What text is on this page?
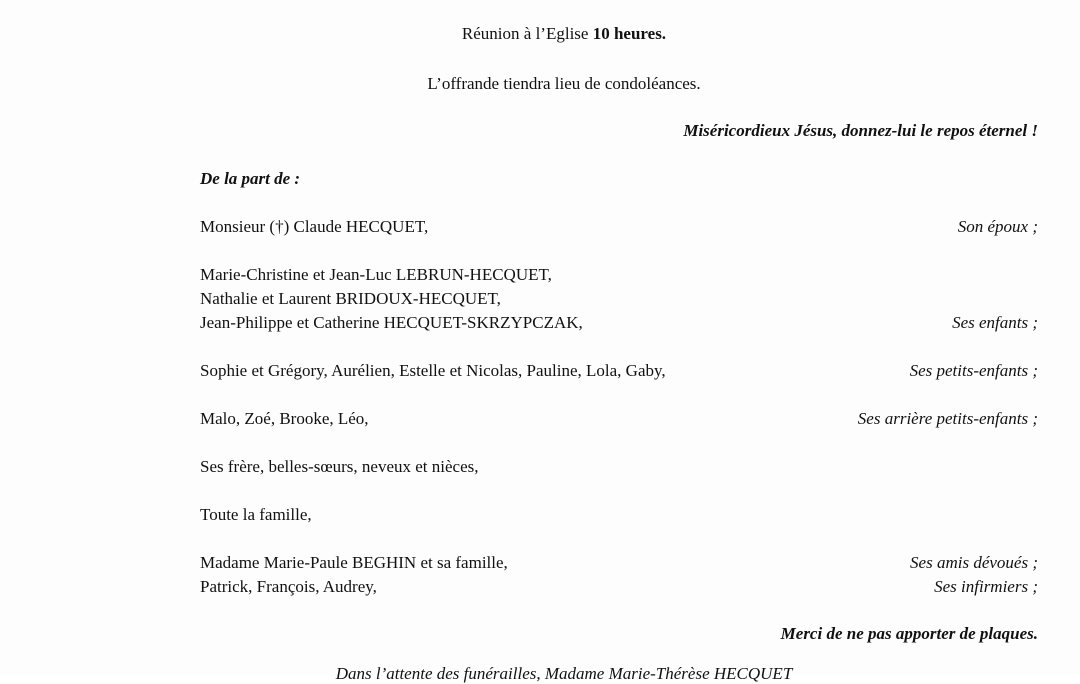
Réunion à l’Eglise 10 heures.
L’offrande tiendra lieu de condoléances.
Miséricordieux Jésus, donnez-lui le repos éternel !
De la part de :
Monsieur (†) Claude HECQUET,	Son époux ;
Marie-Christine et Jean-Luc LEBRUN-HECQUET,
Nathalie et Laurent BRIDOUX-HECQUET,
Jean-Philippe et Catherine HECQUET-SKRZYPCZAK,	Ses enfants ;
Sophie et Grégory, Aurélien, Estelle et Nicolas, Pauline, Lola, Gaby,	Ses petits-enfants ;
Malo, Zoé, Brooke, Léo,	Ses arrière petits-enfants ;
Ses frère, belles-sœurs, neveux et nièces,
Toute la famille,
Madame Marie-Paule BEGHIN et sa famille,	Ses amis dévoués ;
Patrick, François, Audrey,	Ses infirmiers ;
Merci de ne pas apporter de plaques.
Dans l’attente des funérailles, Madame Marie-Thérèse HECQUET
